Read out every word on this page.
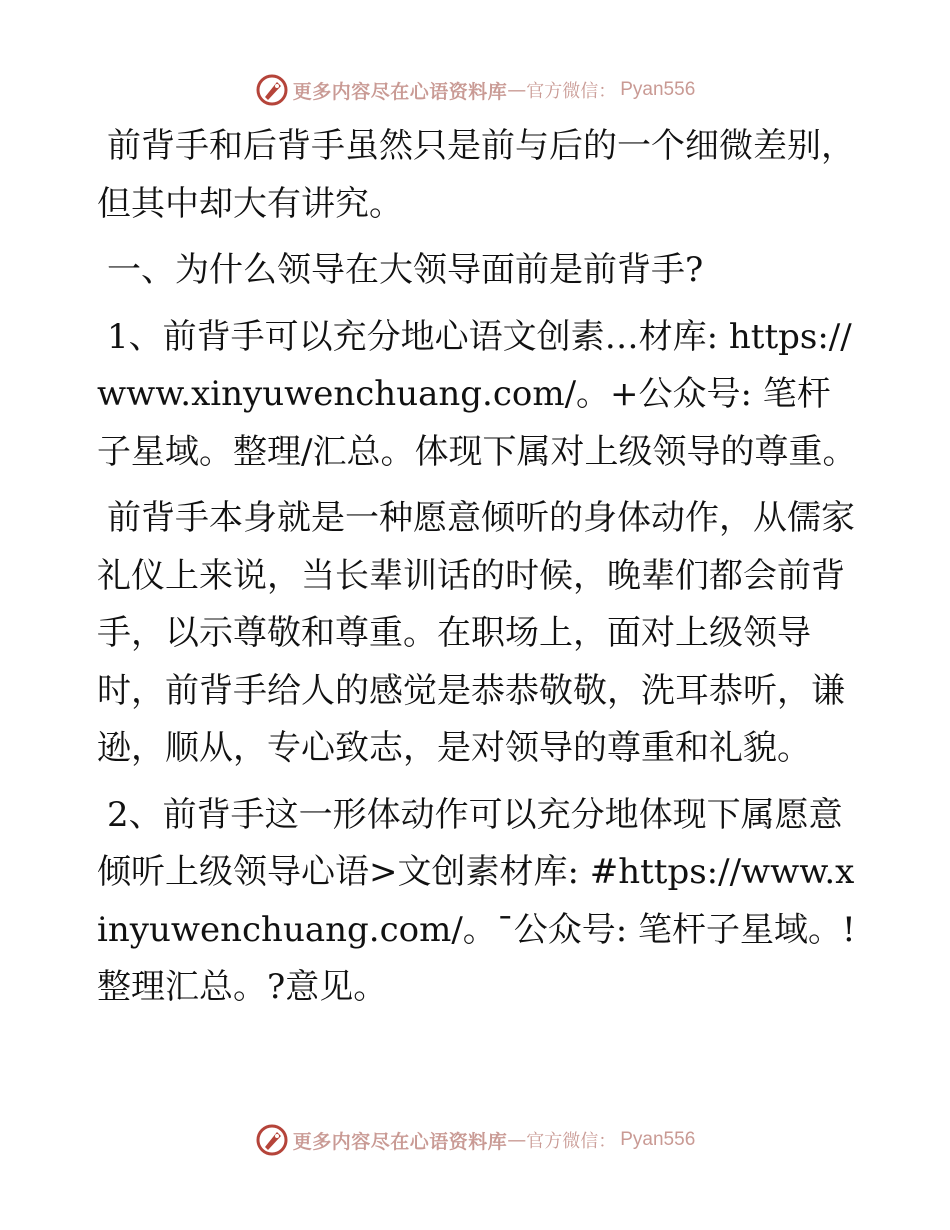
更多内容尽在心语资料库 — 官方微信： Pyan556

前背手和后背手虽然只是前与后的一个细微差别，但其中却大有讲究。

一、为什么领导在大领导面前是前背手?

1、前背手可以充分地心语文创素…材库: https://www.xinyuwenchuang.com/。+公众号: 笔杆子星域。整理/汇总。体现下属对上级领导的尊重。

前背手本身就是一种愿意倾听的身体动作，从儒家礼仪上来说，当长辈训话的时候，晚辈们都会前背手，以示尊敬和尊重。在职场上，面对上级领导时，前背手给人的感觉是恭恭敬敬，洗耳恭听，谦逊，顺从，专心致志，是对领导的尊重和礼貌。

2、前背手这一形体动作可以充分地体现下属愿意倾听上级领导心语>文创素材库: #https://www.xinyuwenchuang.com/。¯公众号: 笔杆子星域。! 整理汇总。?意见。

更多内容尽在心语资料库 — 官方微信： Pyan556
